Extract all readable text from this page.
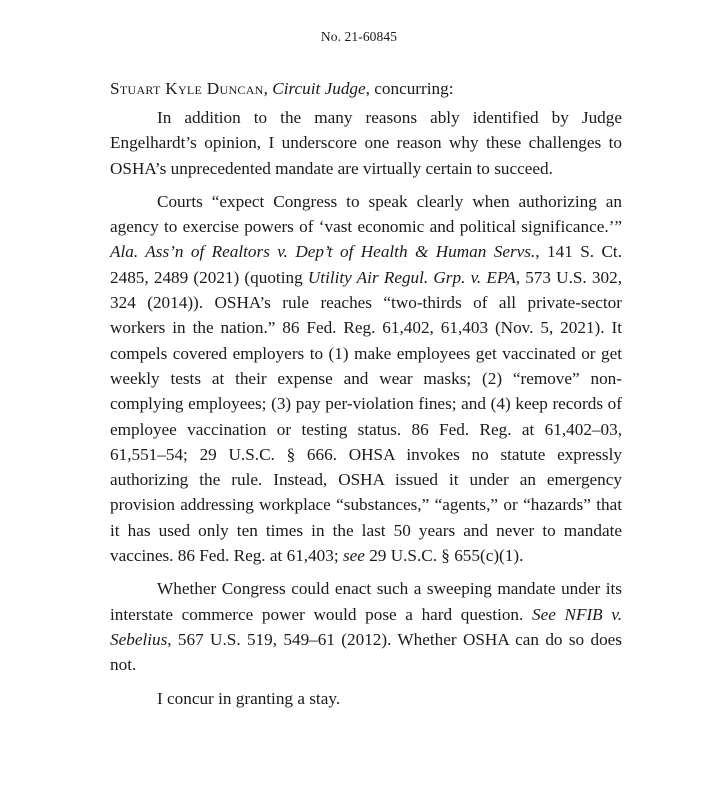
No. 21-60845

Stuart Kyle Duncan, Circuit Judge, concurring:

In addition to the many reasons ably identified by Judge Engelhardt’s opinion, I underscore one reason why these challenges to OSHA’s unprecedented mandate are virtually certain to succeed.

Courts “expect Congress to speak clearly when authorizing an agency to exercise powers of ‘vast economic and political significance.’” Ala. Ass’n of Realtors v. Dep’t of Health & Human Servs., 141 S. Ct. 2485, 2489 (2021) (quoting Utility Air Regul. Grp. v. EPA, 573 U.S. 302, 324 (2014)). OSHA’s rule reaches “two-thirds of all private-sector workers in the nation.” 86 Fed. Reg. 61,402, 61,403 (Nov. 5, 2021). It compels covered employers to (1) make employees get vaccinated or get weekly tests at their expense and wear masks; (2) “remove” non-complying employees; (3) pay per-violation fines; and (4) keep records of employee vaccination or testing status. 86 Fed. Reg. at 61,402–03, 61,551–54; 29 U.S.C. § 666. OHSA invokes no statute expressly authorizing the rule. Instead, OSHA issued it under an emergency provision addressing workplace “substances,” “agents,” or “hazards” that it has used only ten times in the last 50 years and never to mandate vaccines. 86 Fed. Reg. at 61,403; see 29 U.S.C. § 655(c)(1).

Whether Congress could enact such a sweeping mandate under its interstate commerce power would pose a hard question. See NFIB v. Sebelius, 567 U.S. 519, 549–61 (2012). Whether OSHA can do so does not.

I concur in granting a stay.
